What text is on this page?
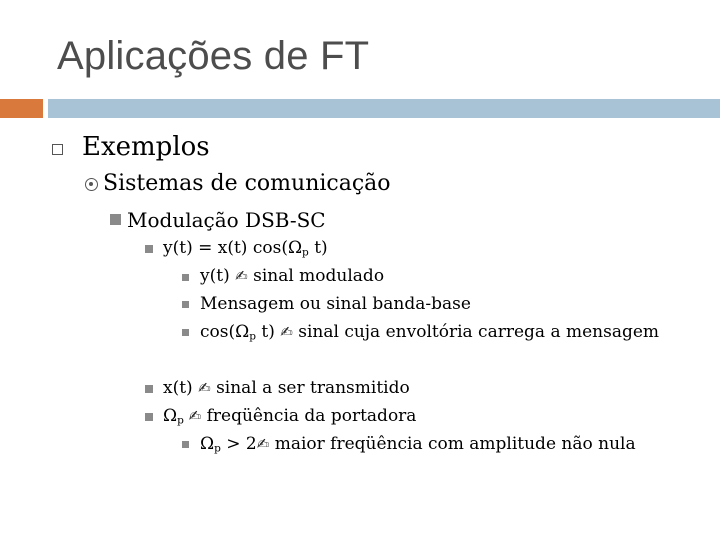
Aplicações de FT
Exemplos
Sistemas de comunicação
Modulação DSB-SC
y(t) = x(t) $\cos(\Omega_p$ t)
y(t) ✍ sinal modulado
Mensagem ou sinal banda-base
$\cos(\Omega_p$ t) ✍ sinal cuja envoltória carrega a mensagem
x(t) ✍ sinal a ser transmitido
$\Omega_p$ ✍ freqüência da portadora
$\Omega_p$ > 2✍ maior freqüência com amplitude não nula
